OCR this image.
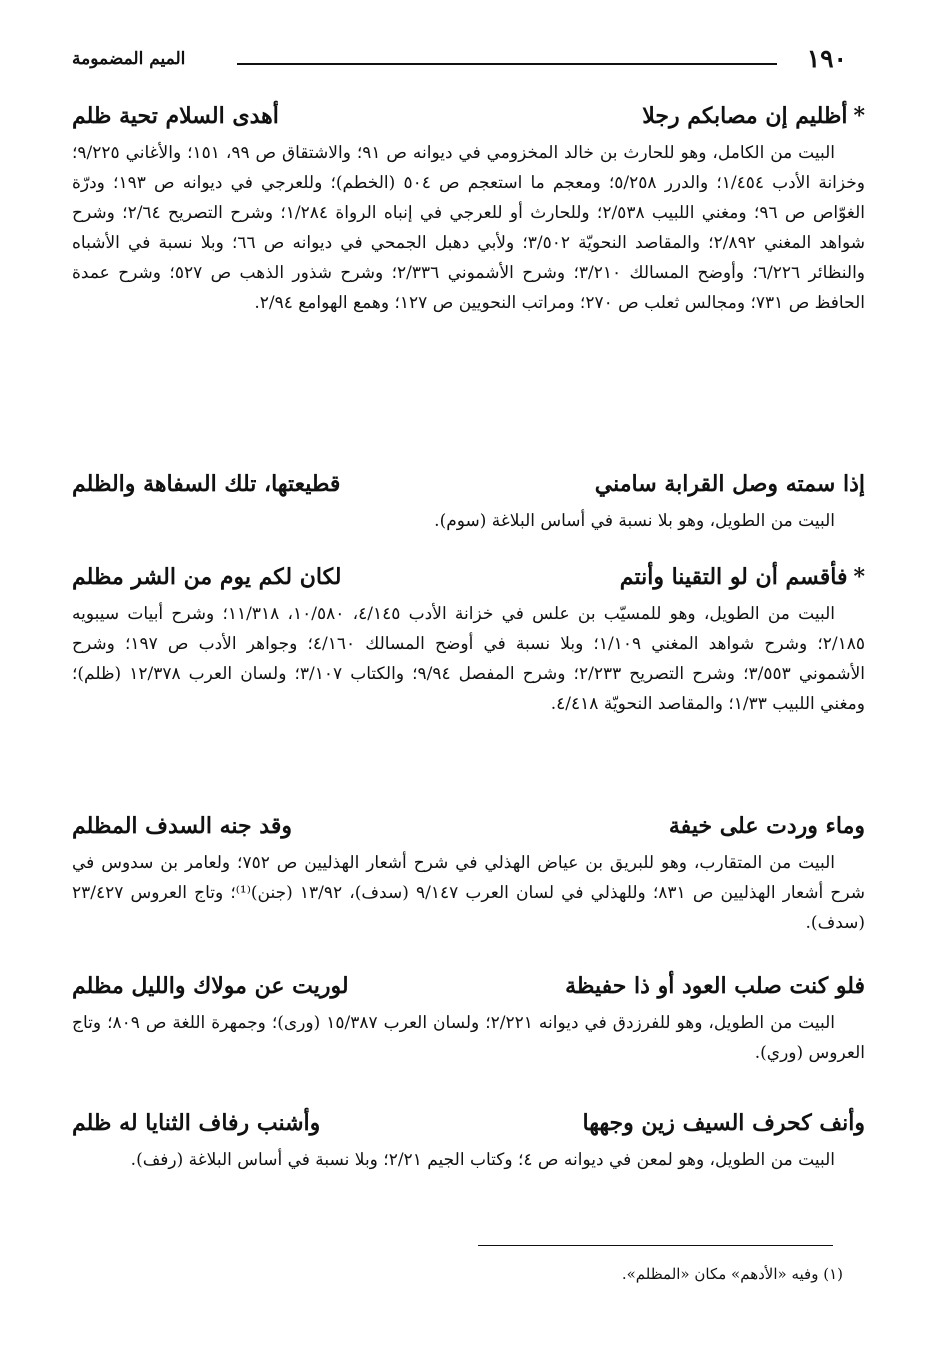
١٩٠
الميم المضمومة
*أظليم إن مصابكم رجلا
أهدى السلام تحية ظلم

البيت من الكامل، وهو للحارث بن خالد المخزومي في ديوانه ص ٩١؛ والاشتقاق ص ٩٩، ١٥١؛ والأغاني ٩/٢٢٥؛ وخزانة الأدب ١/٤٥٤؛ والدرر ٥/٢٥٨؛ ومعجم ما استعجم ص ٥٠٤ (الخطم)؛ وللعرجي في ديوانه ص ١٩٣؛ ودرّة الغوّاص ص ٩٦؛ ومغني اللبيب ٢/٥٣٨؛ وللحارث أو للعرجي في إنباه الرواة ١/٢٨٤؛ وشرح التصريح ٢/٦٤؛ وشرح شواهد المغني ٢/٨٩٢؛ والمقاصد النحويّة ٣/٥٠٢؛ ولأبي دهبل الجمحي في ديوانه ص ٦٦؛ وبلا نسبة في الأشباه والنظائر ٦/٢٢٦؛ وأوضح المسالك ٣/٢١٠؛ وشرح الأشموني ٢/٣٣٦؛ وشرح شذور الذهب ص ٥٢٧؛ وشرح عمدة الحافظ ص ٧٣١؛ ومجالس ثعلب ص ٢٧٠؛ ومراتب النحويين ص ١٢٧؛ وهمع الهوامع ٢/٩٤.

إذا سمته وصل القرابة سامني
قطيعتها، تلك السفاهة والظلم

البيت من الطويل، وهو بلا نسبة في أساس البلاغة (سوم).

*فأقسم أن لو التقينا وأنتم
لكان لكم يوم من الشر مظلم

البيت من الطويل، وهو للمسيّب بن علس في خزانة الأدب ٤/١٤٥، ١٠/٥٨٠، ١١/٣١٨؛ وشرح أبيات سيبويه ٢/١٨٥؛ وشرح شواهد المغني ١/١٠٩؛ وبلا نسبة في أوضح المسالك ٤/١٦٠؛ وجواهر الأدب ص ١٩٧؛ وشرح الأشموني ٣/٥٥٣؛ وشرح التصريح ٢/٢٣٣؛ وشرح المفصل ٩/٩٤؛ والكتاب ٣/١٠٧؛ ولسان العرب ١٢/٣٧٨ (ظلم)؛ ومغني اللبيب ١/٣٣؛ والمقاصد النحويّة ٤/٤١٨.

وماء وردت على خيفة
وقد جنه السدف المظلم

البيت من المتقارب، وهو للبريق بن عياض الهذلي في شرح أشعار الهذليين ص ٧٥٢؛ ولعامر بن سدوس في شرح أشعار الهذليين ص ٨٣١؛ وللهذلي في لسان العرب ٩/١٤٧ (سدف)، ١٣/٩٢ (جنن)⁽¹⁾؛ وتاج العروس ٢٣/٤٢٧ (سدف).

فلو كنت صلب العود أو ذا حفيظة
لوريت عن مولاك والليل مظلم

البيت من الطويل، وهو للفرزدق في ديوانه ٢/٢٢١؛ ولسان العرب ١٥/٣٨٧ (ورى)؛ وجمهرة اللغة ص ٨٠٩؛ وتاج العروس (وري).

وأنف كحرف السيف زين وجهها
وأشنب رفاف الثنايا له ظلم

البيت من الطويل، وهو لمعن في ديوانه ص ٤؛ وكتاب الجيم ٢/٢١؛ وبلا نسبة في أساس البلاغة (رفف).

(١) وفيه «الأدهم» مكان «المظلم».
